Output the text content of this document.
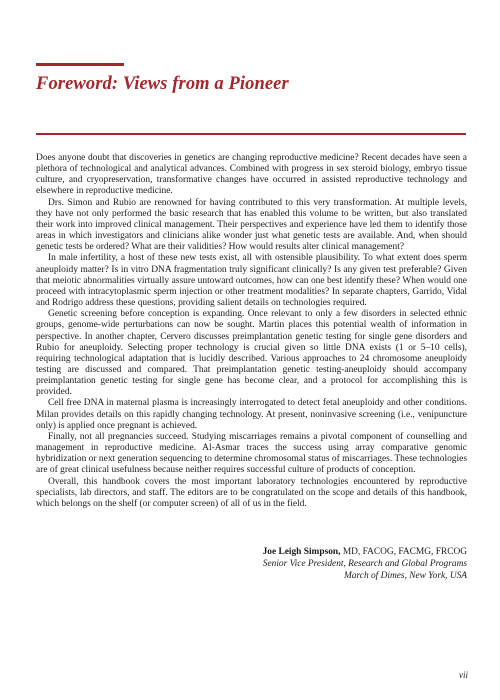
Foreword: Views from a Pioneer

Does anyone doubt that discoveries in genetics are changing reproductive medicine? Recent decades have seen a plethora of technological and analytical advances. Combined with progress in sex steroid biology, embryo tissue culture, and cryopreservation, transformative changes have occurred in assisted reproductive technology and elsewhere in reproductive medicine.

Drs. Simon and Rubio are renowned for having contributed to this very transformation. At multiple levels, they have not only performed the basic research that has enabled this volume to be written, but also translated their work into improved clinical management. Their perspectives and experience have led them to identify those areas in which investigators and clinicians alike wonder just what genetic tests are available. And, when should genetic tests be ordered? What are their validities? How would results alter clinical management?

In male infertility, a host of these new tests exist, all with ostensible plausibility. To what extent does sperm aneuploidy matter? Is in vitro DNA fragmentation truly significant clinically? Is any given test preferable? Given that meiotic abnormalities virtually assure untoward outcomes, how can one best identify these? When would one proceed with intracytoplasmic sperm injection or other treatment modalities? In separate chapters, Garrido, Vidal and Rodrigo address these questions, providing salient details on technologies required.

Genetic screening before conception is expanding. Once relevant to only a few disorders in selected ethnic groups, genome-wide perturbations can now be sought. Martin places this potential wealth of information in perspective. In another chapter, Cervero discusses preimplantation genetic testing for single gene disorders and Rubio for aneuploidy. Selecting proper technology is crucial given so little DNA exists (1 or 5–10 cells), requiring technological adaptation that is lucidly described. Various approaches to 24 chromosome aneuploidy testing are discussed and compared. That preimplantation genetic testing-aneuploidy should accompany preimplantation genetic testing for single gene has become clear, and a protocol for accomplishing this is provided.

Cell free DNA in maternal plasma is increasingly interrogated to detect fetal aneuploidy and other conditions. Milan provides details on this rapidly changing technology. At present, noninvasive screening (i.e., venipuncture only) is applied once pregnant is achieved.

Finally, not all pregnancies succeed. Studying miscarriages remains a pivotal component of counselling and management in reproductive medicine. Al-Asmar traces the success using array comparative genomic hybridization or next generation sequencing to determine chromosomal status of miscarriages. These technologies are of great clinical usefulness because neither requires successful culture of products of conception.

Overall, this handbook covers the most important laboratory technologies encountered by reproductive specialists, lab directors, and staff. The editors are to be congratulated on the scope and details of this handbook, which belongs on the shelf (or computer screen) of all of us in the field.

Joe Leigh Simpson, MD, FACOG, FACMG, FRCOG
Senior Vice President, Research and Global Programs
March of Dimes, New York, USA
vii
